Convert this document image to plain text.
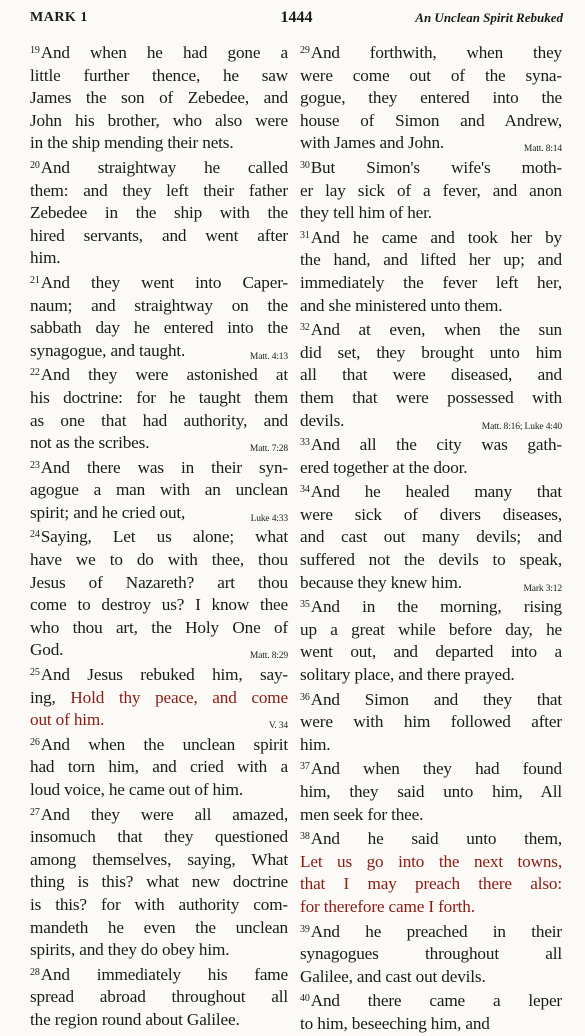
MARK 1	1444	An Unclean Spirit Rebuked
$^{19}$And when he had gone a
little further thence, he saw
James the son of Zebedee, and
John his brother, who also were
in the ship mending their nets.
$^{20}$And straightway he called
them: and they left their father
Zebedee in the ship with the
hired servants, and went after
him.
$^{21}$And they went into Caper-
naum; and straightway on the
sabbath day he entered into the
synagogue, and taught.	Matt. 4:13
$^{22}$And they were astonished at
his doctrine: for he taught them
as one that had authority, and
not as the scribes.	Matt. 7:28
$^{23}$And there was in their syn-
agogue a man with an unclean
spirit; and he cried out,	Luke 4:33
$^{24}$Saying, Let us alone; what
have we to do with thee, thou
Jesus of Nazareth? art thou
come to destroy us? I know thee
who thou art, the Holy One of
God.	Matt. 8:29
$^{25}$And Jesus rebuked him, say-
ing, Hold thy peace, and come
out of him.	V. 34
$^{26}$And when the unclean spirit
had torn him, and cried with a
loud voice, he came out of him.
$^{27}$And they were all amazed,
insomuch that they questioned
among themselves, saying, What
thing is this? what new doctrine
is this? for with authority com-
mandeth he even the unclean
spirits, and they do obey him.
$^{28}$And immediately his fame
spread abroad throughout all
the region round about Galilee.
$^{29}$And forthwith, when they
were come out of the syna-
gogue, they entered into the
house of Simon and Andrew,
with James and John.	Matt. 8:14
$^{30}$But Simon's wife's moth-
er lay sick of a fever, and anon
they tell him of her.
$^{31}$And he came and took her by
the hand, and lifted her up; and
immediately the fever left her,
and she ministered unto them.
$^{32}$And at even, when the sun
did set, they brought unto him
all that were diseased, and
them that were possessed with
devils.	Matt. 8:16; Luke 4:40
$^{33}$And all the city was gath-
ered together at the door.
$^{34}$And he healed many that
were sick of divers diseases,
and cast out many devils; and
suffered not the devils to speak,
because they knew him.	Mark 3:12
$^{35}$And in the morning, rising
up a great while before day, he
went out, and departed into a
solitary place, and there prayed.
$^{36}$And Simon and they that
were with him followed after
him.
$^{37}$And when they had found
him, they said unto him, All
men seek for thee.
$^{38}$And he said unto them,
Let us go into the next towns,
that I may preach there also:
for therefore came I forth.
$^{39}$And he preached in their
synagogues throughout all
Galilee, and cast out devils.
$^{40}$And there came a leper
to him, beseeching him, and
